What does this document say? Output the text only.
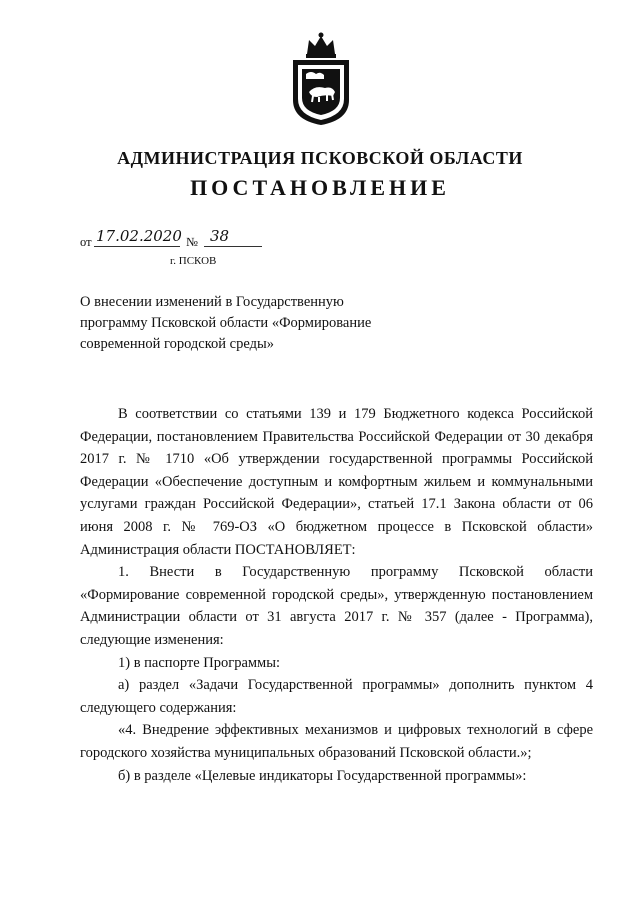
АДМИНИСТРАЦИЯ ПСКОВСКОЙ ОБЛАСТИ
ПОСТАНОВЛЕНИЕ
от 17.02.2020 № 38
г. ПСКОВ
О внесении изменений в Государственную
программу Псковской области «Формирование
современной городской среды»

В соответствии со статьями 139 и 179 Бюджетного кодекса Российской Федерации, постановлением Правительства Российской Федерации от 30 декабря 2017 г. № 1710 «Об утверждении государственной программы Российской Федерации «Обеспечение доступным и комфортным жильем и коммунальными услугами граждан Российской Федерации», статьей 17.1 Закона области от 06 июня 2008 г. № 769-ОЗ «О бюджетном процессе в Псковской области» Администрация области ПОСТАНОВЛЯЕТ:

1. Внести в Государственную программу Псковской области «Формирование современной городской среды», утвержденную постановлением Администрации области от 31 августа 2017 г. № 357 (далее - Программа), следующие изменения:

1) в паспорте Программы:

а) раздел «Задачи Государственной программы» дополнить пунктом 4 следующего содержания:

«4. Внедрение эффективных механизмов и цифровых технологий в сфере городского хозяйства муниципальных образований Псковской области.»;

б) в разделе «Целевые индикаторы Государственной программы»:
